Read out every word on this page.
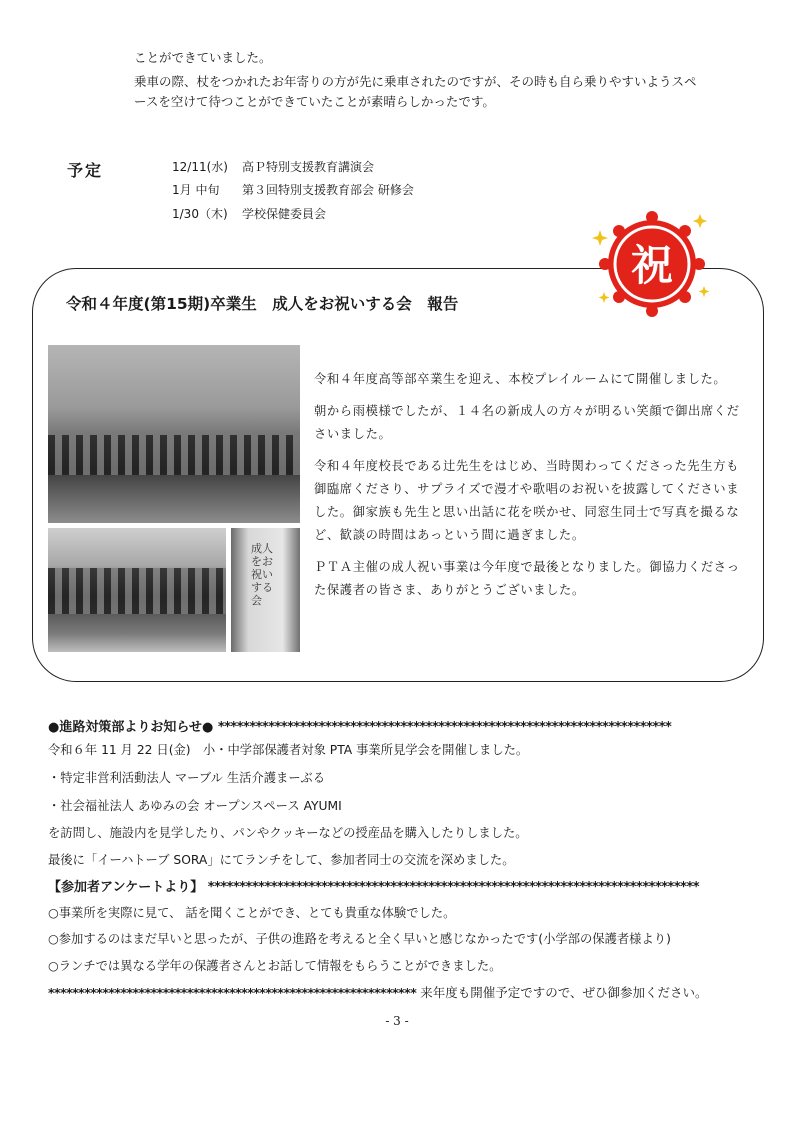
ことができていました。
乗車の際、杖をつかれたお年寄りの方が先に乗車されたのですが、その時も自ら乗りやすいようスペ
ースを空けて待つことができていたことが素晴らしかったです。
予定	12/11(水) 高Ｐ特別支援教育講演会
1月 中旬 第３回特別支援教育部会 研修会
1/30（木) 学校保健委員会
令和４年度(第15期)卒業生　成人をお祝いする会　報告
祝
成人をお祝いする会
令和４年度高等部卒業生を迎え、本校プレイルームにて開催しました。
朝から雨模様でしたが、１４名の新成人の方々が明るい笑顔で御出席くださいました。
令和４年度校長である辻先生をはじめ、当時関わってくださった先生方も御臨席くださり、サプライズで漫才や歌唱のお祝いを披露してくださいました。御家族も先生と思い出話に花を咲かせ、同窓生同士で写真を撮るなど、歓談の時間はあっという間に過ぎました。
ＰＴＡ主催の成人祝い事業は今年度で最後となりました。御協力くださった保護者の皆さま、ありがとうございました。
●進路対策部よりお知らせ● ************************************************************************
令和６年 11 月 22 日(金)　小・中学部保護者対象 PTA 事業所見学会を開催しました。
・特定非営利活動法人 マーブル 生活介護まーぶる
・社会福祉法人 あゆみの会 オープンスペース AYUMI
を訪問し、施設内を見学したり、パンやクッキーなどの授産品を購入したりしました。
最後に「イーハトーブ SORA」にてランチをして、参加者同士の交流を深めました。
【参加者アンケートより】 ******************************************************************************
○事業所を実際に見て、 話を聞くことができ、とても貴重な体験でした。
○参加するのはまだ早いと思ったが、子供の進路を考えると全く早いと感じなかったです(小学部の保護者様より)
○ランチでは異なる学年の保護者さんとお話して情報をもらうことができました。
************************************************************* 来年度も開催予定ですので、ぜひ御参加ください。
- 3 -
